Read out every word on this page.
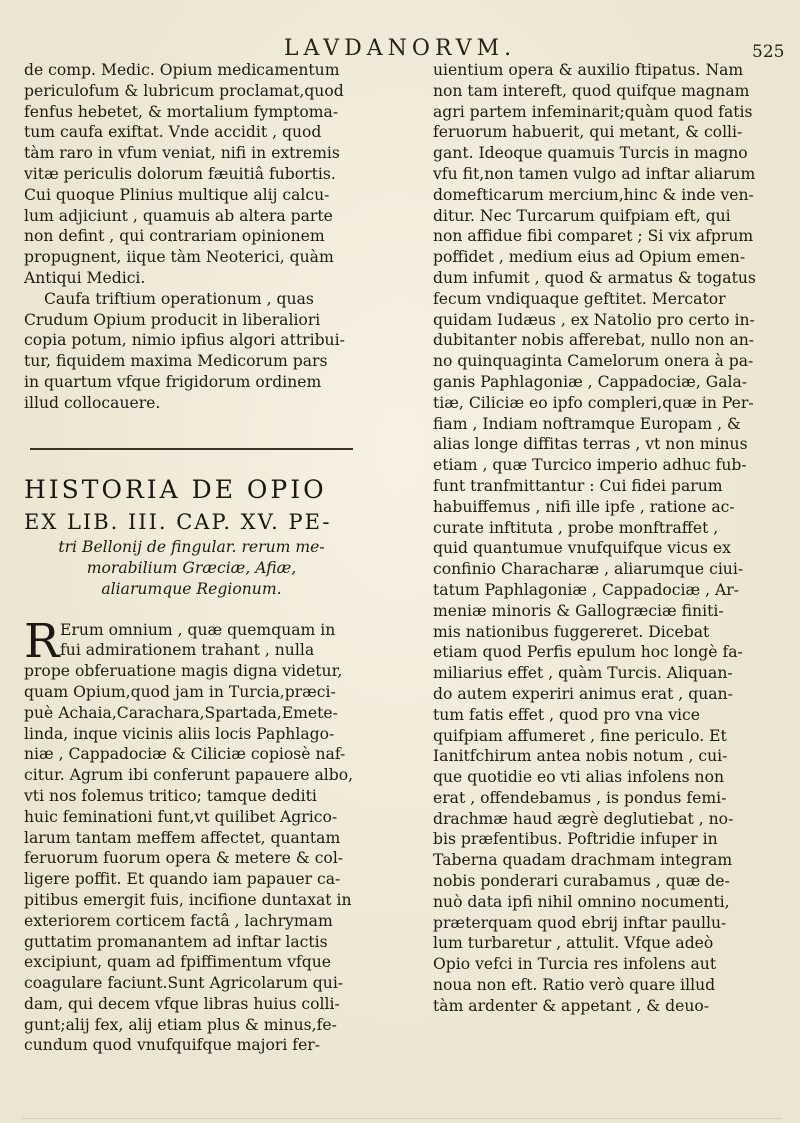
LAVDANORVM.	525
de comp. Medic. Opium medicamentum
periculofum & lubricum proclamat,quod
fenfus hebetet, & mortalium fymptoma-
tum caufa exiftat. Vnde accidit , quod
tàm raro in vfum veniat, nifi in extremis
vitæ periculis dolorum fæuitiâ fubortis.
Cui quoque Plinius multique alij calcu-
lum adjiciunt , quamuis ab altera parte
non defint , qui contrariam opinionem
propugnent, iique tàm Neoterici, quàm
Antiqui Medici.
Caufa triftium operationum , quas
Crudum Opium producit in liberaliori
copia potum, nimio ipfius algori attribui-
tur, fiquidem maxima Medicorum pars
in quartum vfque frigidorum ordinem
illud collocauere.
HISTORIA DE OPIO
EX LIB. III. CAP. XV. PE-
tri Bellonij de fingular. rerum me-
morabilium Græciæ, Afiæ,
aliarumque Regionum.
R Erum omnium , quæ quemquam in
fui admirationem trahant , nulla
prope obferuatione magis digna videtur,
quam Opium,quod jam in Turcia,præci-
puè Achaia,Carachara,Spartada,Emete-
linda, inque vicinis aliis locis Paphlago-
niæ , Cappadociæ & Ciliciæ copiosè naf-
citur. Agrum ibi conferunt papauere albo,
vti nos folemus tritico; tamque dediti
huic feminationi funt,vt quilibet Agrico-
larum tantam meffem affectet, quantam
feruorum fuorum opera & metere & col-
ligere poffit. Et quando iam papauer ca-
pitibus emergit fuis, incifione duntaxat in
exteriorem corticem factâ , lachrymam
guttatim promanantem ad inftar lactis
excipiunt, quam ad fpiffimentum vfque
coagulare faciunt.Sunt Agricolarum qui-
dam, qui decem vfque libras huius colli-
gunt;alij fex, alij etiam plus & minus,fe-
cundum quod vnufquifque majori fer-
uientium opera & auxilio ftipatus. Nam
non tam intereft, quod quifque magnam
agri partem infeminarit;quàm quod fatis
feruorum habuerit, qui metant, & colli-
gant. Ideoque quamuis Turcis in magno
vfu fit,non tamen vulgo ad inftar aliarum
domefticarum mercium,hinc & inde ven-
ditur. Nec Turcarum quifpiam eft, qui
non affidue fibi comparet ; Si vix afprum
poffidet , medium eius ad Opium emen-
dum infumit , quod & armatus & togatus
fecum vndiquaque geftitet. Mercator
quidam Iudæus , ex Natolio pro certo in-
dubitanter nobis afferebat, nullo non an-
no quinquaginta Camelorum onera à pa-
ganis Paphlagoniæ , Cappadociæ, Gala-
tiæ, Ciliciæ eo ipfo compleri,quæ in Per-
fiam , Indiam noftramque Europam , &
alias longe diffitas terras , vt non minus
etiam , quæ Turcico imperio adhuc fub-
funt tranfmittantur : Cui fidei parum
habuiffemus , nifi ille ipfe , ratione ac-
curate inftituta , probe monftraffet ,
quid quantumue vnufquifque vicus ex
confinio Characharæ , aliarumque ciui-
tatum Paphlagoniæ , Cappadociæ , Ar-
meniæ minoris & Gallogræciæ finiti-
mis nationibus fuggereret. Dicebat
etiam quod Perfis epulum hoc longè fa-
miliarius effet , quàm Turcis. Aliquan-
do autem experiri animus erat , quan-
tum fatis effet , quod pro vna vice
quifpiam affumeret , fine periculo. Et
Ianitfchirum antea nobis notum , cui-
que quotidie eo vti alias infolens non
erat , offendebamus , is pondus femi-
drachmæ haud ægrè deglutiebat , no-
bis præfentibus. Poftridie infuper in
Taberna quadam drachmam integram
nobis ponderari curabamus , quæ de-
nuò data ipfi nihil omnino nocumenti,
præterquam quod ebrij inftar paullu-
lum turbaretur , attulit. Vfque adeò
Opio vefci in Turcia res infolens aut
noua non eft. Ratio verò quare illud
tàm ardenter & appetant , & deuo-
